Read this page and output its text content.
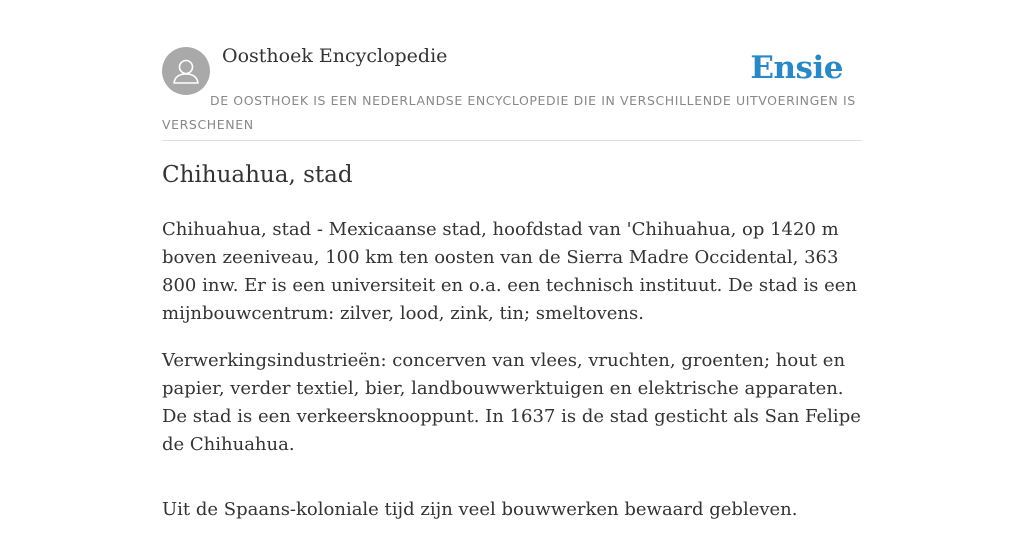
Oosthoek Encyclopedie	Ensie
DE OOSTHOEK IS EEN NEDERLANDSE ENCYCLOPEDIE DIE IN VERSCHILLENDE UITVOERINGEN IS VERSCHENEN
Chihuahua, stad

Chihuahua, stad - Mexicaanse stad, hoofdstad van 'Chihuahua, op 1420 m boven zeeniveau, 100 km ten oosten van de Sierra Madre Occidental, 363 800 inw. Er is een universiteit en o.a. een technisch instituut. De stad is een mijnbouwcentrum: zilver, lood, zink, tin; smeltovens.

Verwerkingsindustrieën: concerven van vlees, vruchten, groenten; hout en papier, verder textiel, bier, landbouwwerktuigen en elektrische apparaten. De stad is een verkeersknooppunt. In 1637 is de stad gesticht als San Felipe de Chihuahua.

Uit de Spaans-koloniale tijd zijn veel bouwwerken bewaard gebleven.
